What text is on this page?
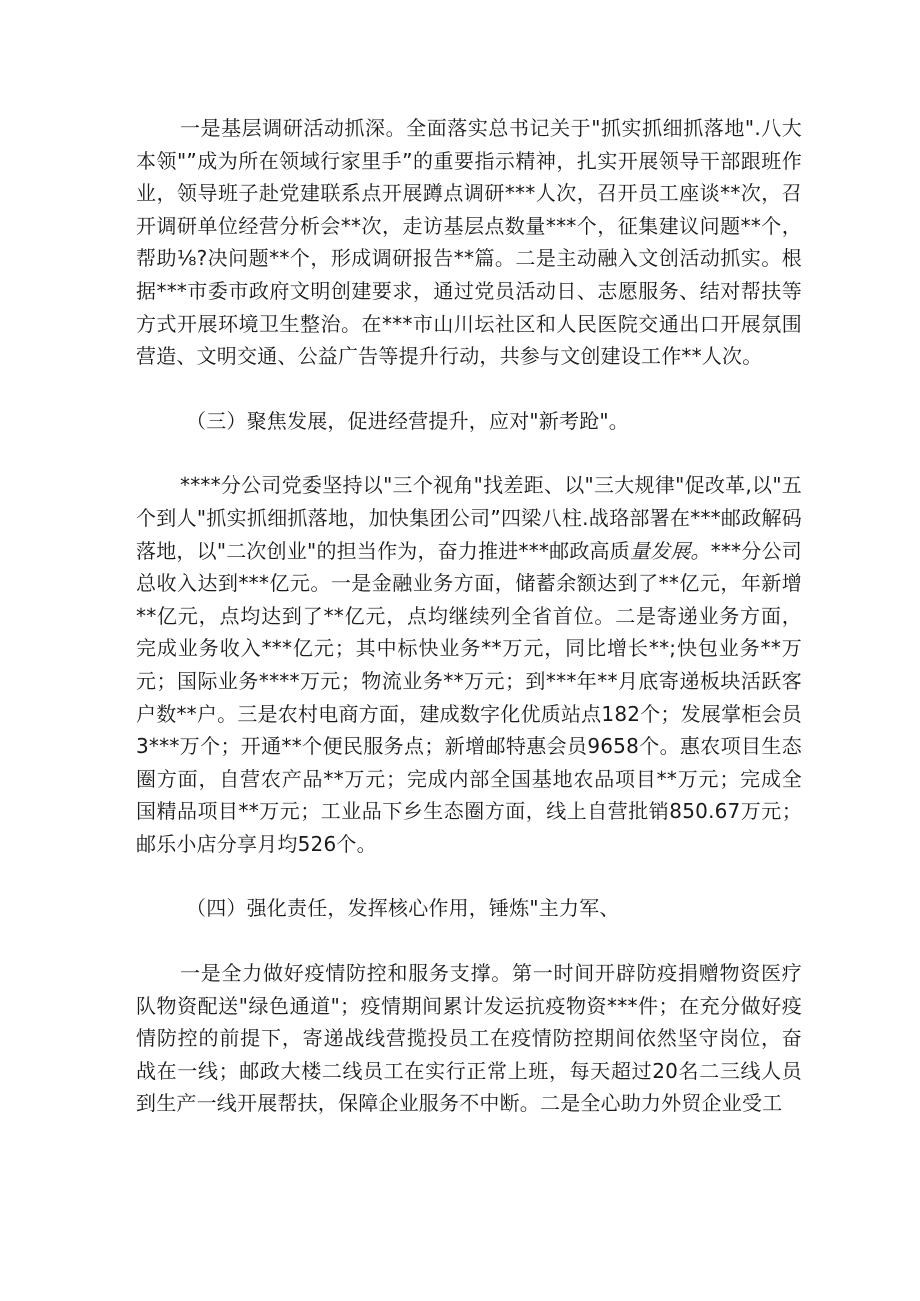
一是基层调研活动抓深。全面落实总书记关于"抓实抓细抓落地".八大本领"”成为所在领域行家里手”的重要指示精神，扎实开展领导干部跟班作业，领导班子赴党建联系点开展蹲点调研***人次，召开员工座谈**次，召开调研单位经营分析会**次，走访基层点数量***个，征集建议问题**个，帮助⅛?决问题**个，形成调研报告**篇。二是主动融入文创活动抓实。根据***市委市政府文明创建要求，通过党员活动日、志愿服务、结对帮扶等方式开展环境卫生整治。在***市山川坛社区和人民医院交通出口开展氛围营造、文明交通、公益广告等提升行动，共参与文创建设工作**人次。

（三）聚焦发展，促进经营提升，应对"新考跄"。

****分公司党委坚持以"三个视角"找差距、以"三大规律"促改革,以"五个到人"抓实抓细抓落地，加快集团公司”四梁八柱.战珞部署在***邮政解码落地，以"二次创业"的担当作为，奋力推进***邮政高质量发展。***分公司总收入达到***亿元。一是金融业务方面，储蓄余额达到了**亿元，年新增**亿元，点均达到了**亿元，点均继续列全省首位。二是寄递业务方面，完成业务收入***亿元；其中标快业务**万元，同比增长**;快包业务**万元；国际业务****万元；物流业务**万元；到***年**月底寄递板块活跃客户数**户。三是农村电商方面，建成数字化优质站点182个；发展掌柜会员3***万个；开通**个便民服务点；新增邮特惠会员9658个。惠农项目生态圈方面，自营农产品**万元；完成内部全国基地农品项目**万元；完成全国精品项目**万元；工业品下乡生态圈方面，线上自营批销850.67万元；邮乐小店分享月均526个。

（四）强化责任，发挥核心作用，锤炼"主力军、

一是全力做好疫情防控和服务支撑。第一时间开辟防疫捐赠物资医疗队物资配送"绿色通道"；疫情期间累计发运抗疫物资***件；在充分做好疫情防控的前提下，寄递战线营揽投员工在疫情防控期间依然坚守岗位，奋战在一线；邮政大楼二线员工在实行正常上班，每天超过20名二三线人员到生产一线开展帮扶，保障企业服务不中断。二是全心助力外贸企业受工
